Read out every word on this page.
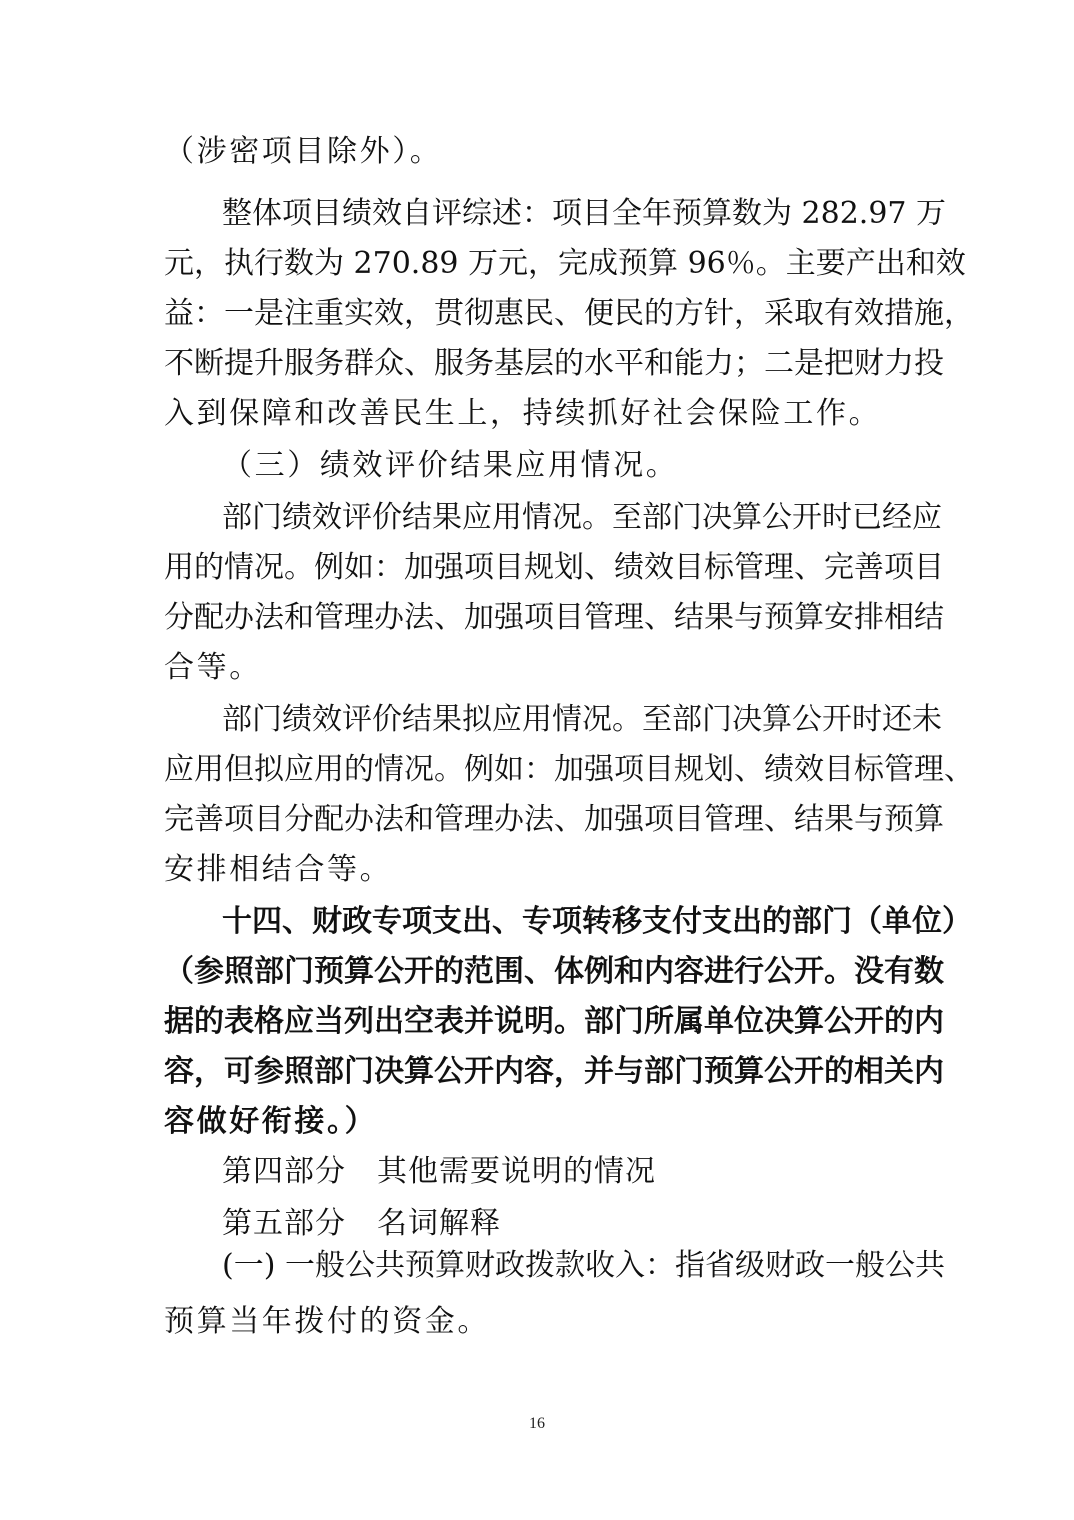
（涉密项目除外）。
整体项目绩效自评综述：项目全年预算数为 282.97 万
元，执行数为 270.89 万元，完成预算 96％。主要产出和效
益：一是注重实效，贯彻惠民、便民的方针，采取有效措施，
不断提升服务群众、服务基层的水平和能力；二是把财力投
入到保障和改善民生上，持续抓好社会保险工作。
（三）绩效评价结果应用情况。
部门绩效评价结果应用情况。至部门决算公开时已经应
用的情况。例如：加强项目规划、绩效目标管理、完善项目
分配办法和管理办法、加强项目管理、结果与预算安排相结
合等。
部门绩效评价结果拟应用情况。至部门决算公开时还未
应用但拟应用的情况。例如：加强项目规划、绩效目标管理、
完善项目分配办法和管理办法、加强项目管理、结果与预算
安排相结合等。
十四、财政专项支出、专项转移支付支出的部门（单位）
（参照部门预算公开的范围、体例和内容进行公开。没有数
据的表格应当列出空表并说明。部门所属单位决算公开的内
容，可参照部门决算公开内容，并与部门预算公开的相关内
容做好衔接。）
第四部分　其他需要说明的情况
第五部分　名词解释
(一) 一般公共预算财政拨款收入：指省级财政一般公共
预算当年拨付的资金。
16
